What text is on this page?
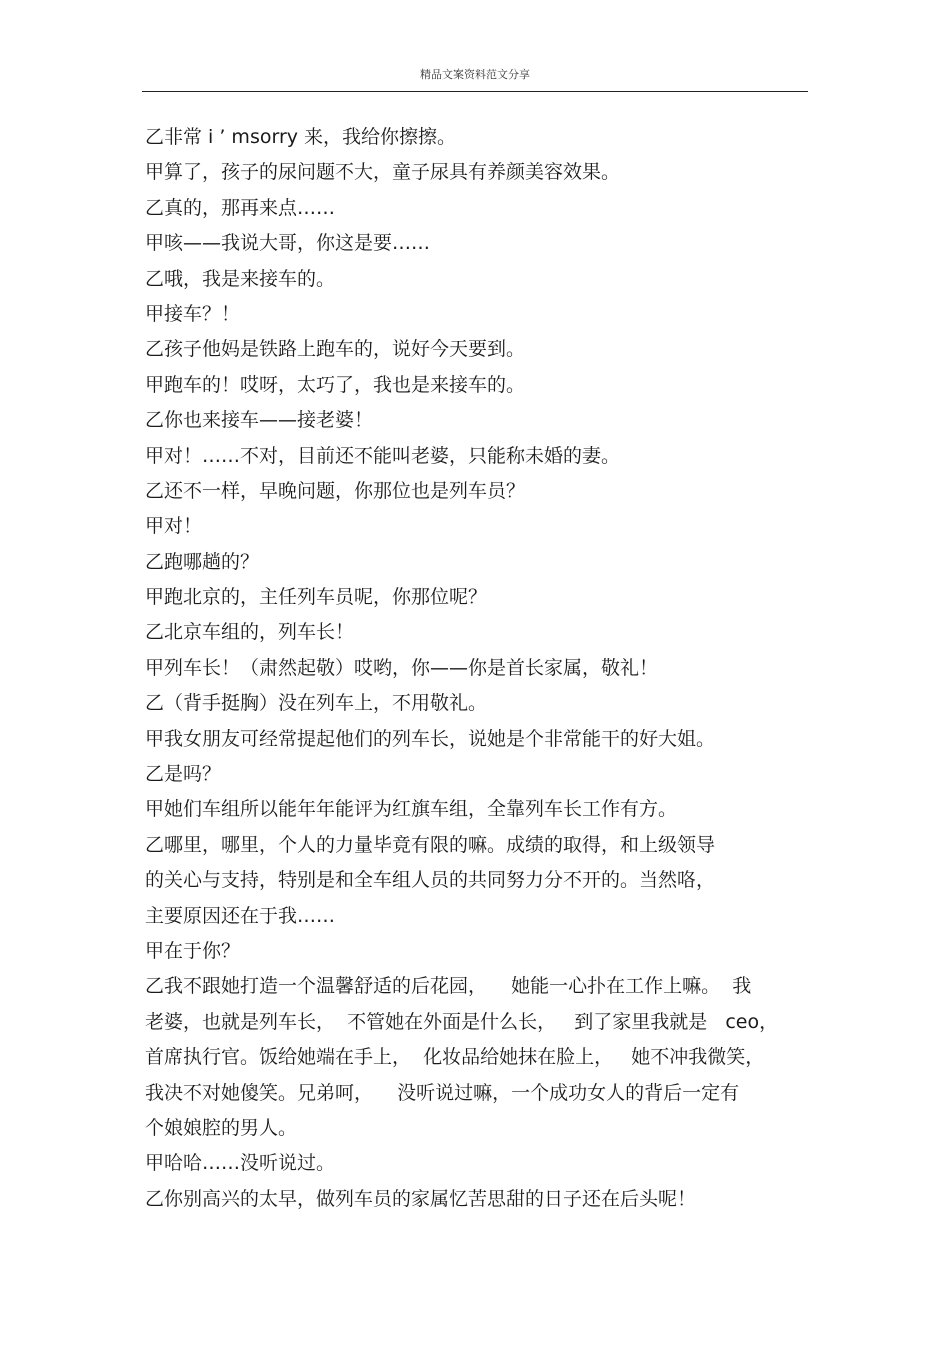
精品文案资料范文分享
乙非常 i ’ msorry 来，我给你擦擦。
甲算了，孩子的尿问题不大，童子尿具有养颜美容效果。
乙真的，那再来点……
甲咳——我说大哥，你这是要……
乙哦，我是来接车的。
甲接车？！
乙孩子他妈是铁路上跑车的，说好今天要到。
甲跑车的！哎呀，太巧了，我也是来接车的。
乙你也来接车——接老婆！
甲对！……不对，目前还不能叫老婆，只能称未婚的妻。
乙还不一样，早晚问题，你那位也是列车员？
甲对！
乙跑哪趟的？
甲跑北京的，主任列车员呢，你那位呢？
乙北京车组的，列车长！
甲列车长！（肃然起敬）哎哟，你——你是首长家属，敬礼！
乙（背手挺胸）没在列车上，不用敬礼。
甲我女朋友可经常提起他们的列车长，说她是个非常能干的好大姐。
乙是吗？
甲她们车组所以能年年能评为红旗车组，全靠列车长工作有方。
乙哪里，哪里，个人的力量毕竟有限的嘛。成绩的取得，和上级领导
的关心与支持，特别是和全车组人员的共同努力分不开的。当然咯，
主要原因还在于我……
甲在于你？
乙我不跟她打造一个温馨舒适的后花园，    她能一心扑在工作上嘛。  我
老婆，也就是列车长，  不管她在外面是什么长，   到了家里我就是   ceo，
首席执行官。饭给她端在手上，  化妆品给她抹在脸上，   她不冲我微笑，
我决不对她傻笑。兄弟呵，    没听说过嘛，一个成功女人的背后一定有
个娘娘腔的男人。
甲哈哈……没听说过。
乙你别高兴的太早，做列车员的家属忆苦思甜的日子还在后头呢！
